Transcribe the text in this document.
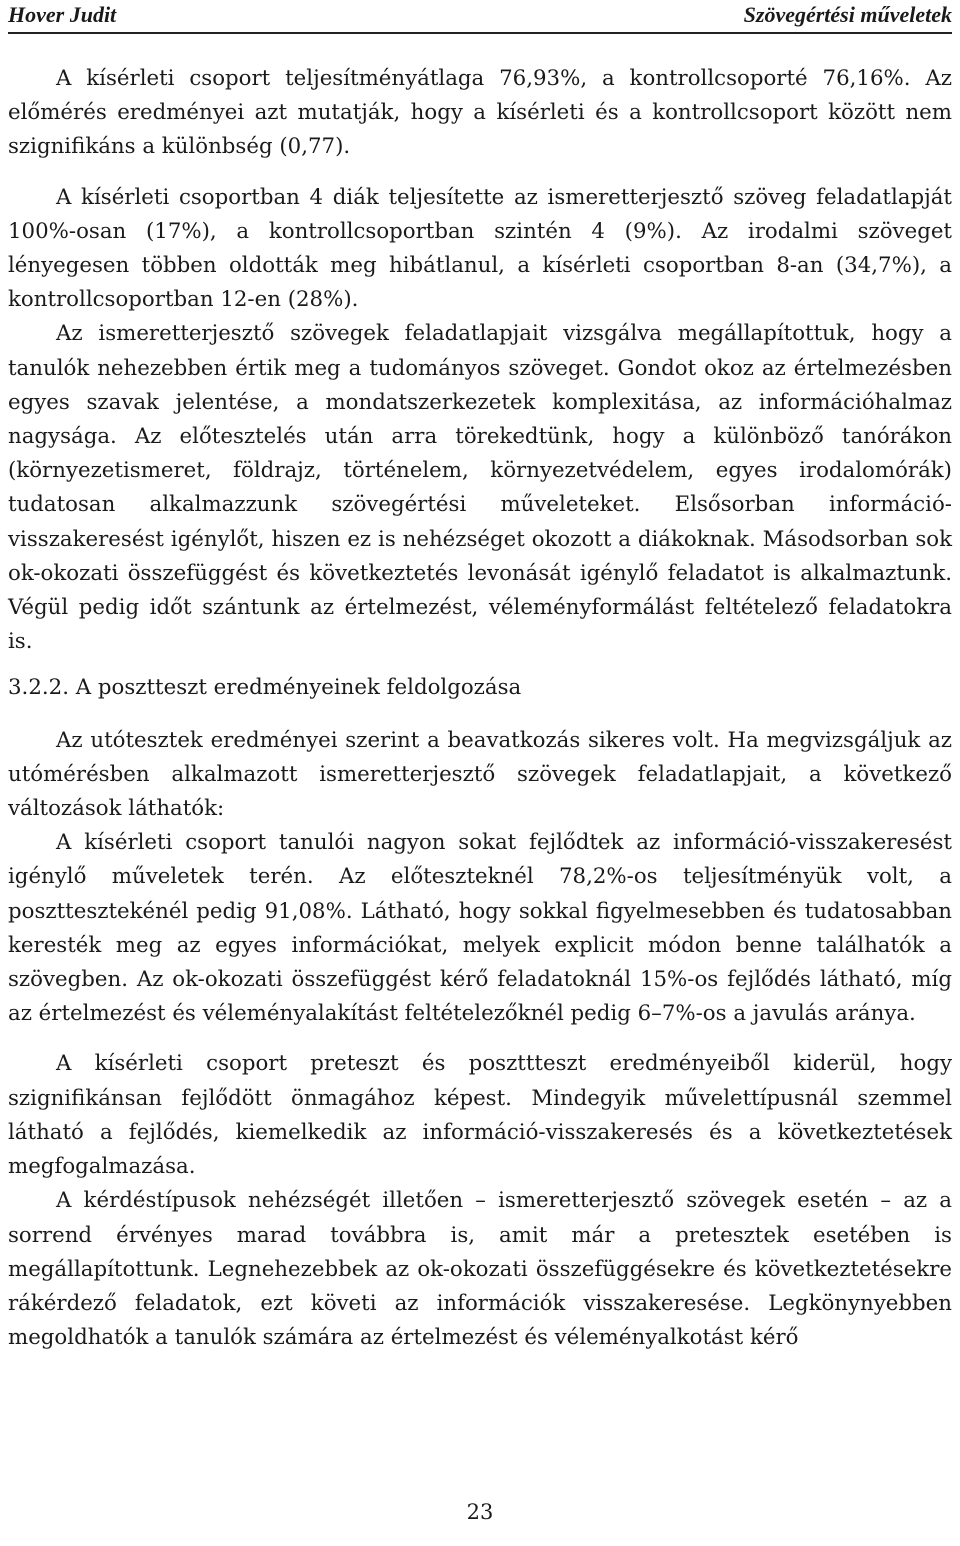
Hover Judit	Szövegértési műveletek

A kísérleti csoport teljesítményátlaga 76,93%, a kontrollcsoporté 76,16%. Az előmérés eredményei azt mutatják, hogy a kísérleti és a kontrollcsoport között nem szignifikáns a különbség (0,77).

A kísérleti csoportban 4 diák teljesítette az ismeretterjesztő szöveg feladatlapját 100%-osan (17%), a kontrollcsoportban szintén 4 (9%). Az irodalmi szöveget lényegesen többen oldották meg hibátlanul, a kísérleti csoportban 8-an (34,7%), a kontrollcsoportban 12-en (28%).

Az ismeretterjesztő szövegek feladatlapjait vizsgálva megállapítottuk, hogy a tanulók nehezebben értik meg a tudományos szöveget. Gondot okoz az értelmezésben egyes szavak jelentése, a mondatszerkezetek komplexitása, az információhalmaz nagysága. Az előtesztelés után arra törekedtünk, hogy a különböző tanórákon (környezetismeret, földrajz, történelem, környezetvédelem, egyes irodalomórák) tudatosan alkalmazzunk szövegértési műveleteket. Elsősorban információ-visszakeresést igénylőt, hiszen ez is nehézséget okozott a diákoknak. Másodsorban sok ok-okozati összefüggést és következtetés levonását igénylő feladatot is alkalmaztunk. Végül pedig időt szántunk az értelmezést, véleményformálást feltételező feladatokra is.

3.2.2. A posztteszt eredményeinek feldolgozása

Az utótesztek eredményei szerint a beavatkozás sikeres volt. Ha megvizsgáljuk az utómérésben alkalmazott ismeretterjesztő szövegek feladatlapjait, a következő változások láthatók:

A kísérleti csoport tanulói nagyon sokat fejlődtek az információ-visszakeresést igénylő műveletek terén. Az előteszteknél 78,2%-os teljesítményük volt, a poszttesztekénél pedig 91,08%. Látható, hogy sokkal figyelmesebben és tudatosabban keresték meg az egyes információkat, melyek explicit módon benne találhatók a szövegben. Az ok-okozati összefüggést kérő feladatoknál 15%-os fejlődés látható, míg az értelmezést és véleményalakítást feltételezőknél pedig 6–7%-os a javulás aránya.

A kísérleti csoport preteszt és poszttteszt eredményeiből kiderül, hogy szignifikánsan fejlődött önmagához képest. Mindegyik művelettípusnál szemmel látható a fejlődés, kiemelkedik az információ-visszakeresés és a következtetések megfogalmazása.

A kérdéstípusok nehézségét illetően – ismeretterjesztő szövegek esetén – az a sorrend érvényes marad továbbra is, amit már a pretesztek esetében is megállapítottunk. Legnehezebbek az ok-okozati összefüggésekre és következtetésekre rákérdező feladatok, ezt követi az információk visszakeresése. Legkönynyebben megoldhatók a tanulók számára az értelmezést és véleményalkotást kérő

23
